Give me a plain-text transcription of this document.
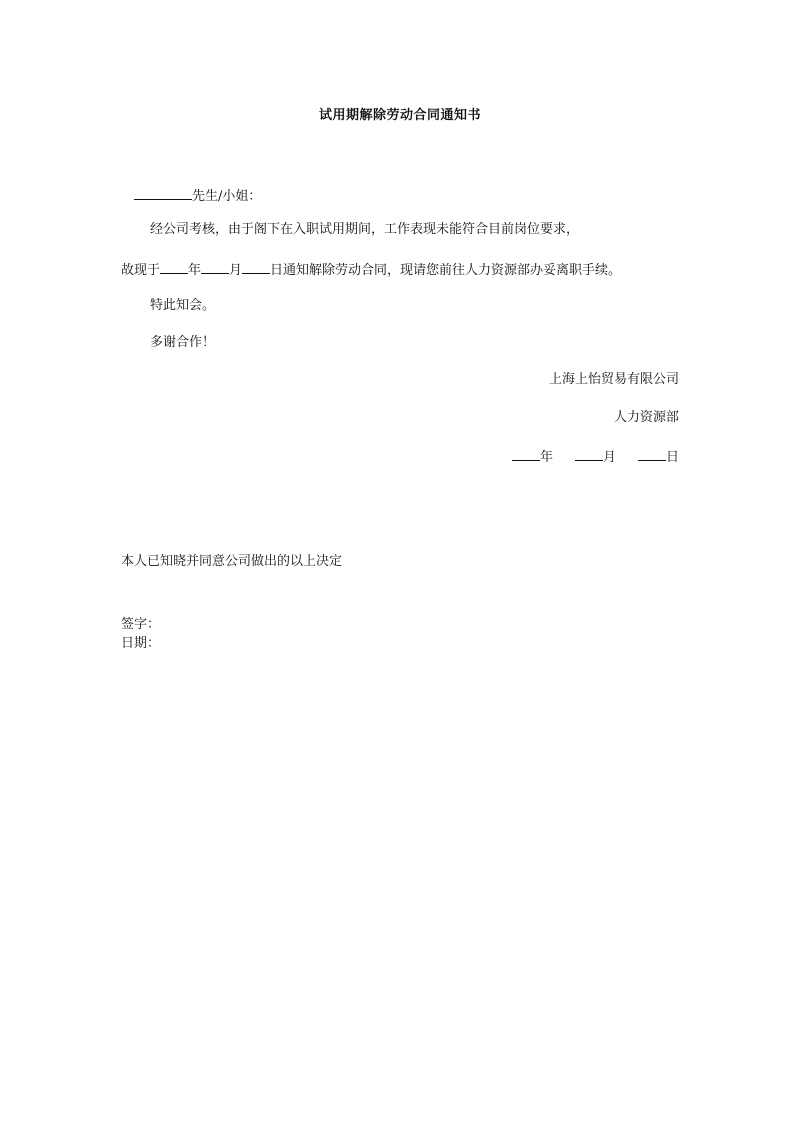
试用期解除劳动合同通知书
先生/小姐：
经公司考核，由于阁下在入职试用期间，工作表现未能符合目前岗位要求，
故现于 年 月 日通知解除劳动合同，现请您前往人力资源部办妥离职手续。
特此知会。
多谢合作！
上海上怡贸易有限公司
人力资源部
年	月	日
本人已知晓并同意公司做出的以上决定
签字：
日期：
